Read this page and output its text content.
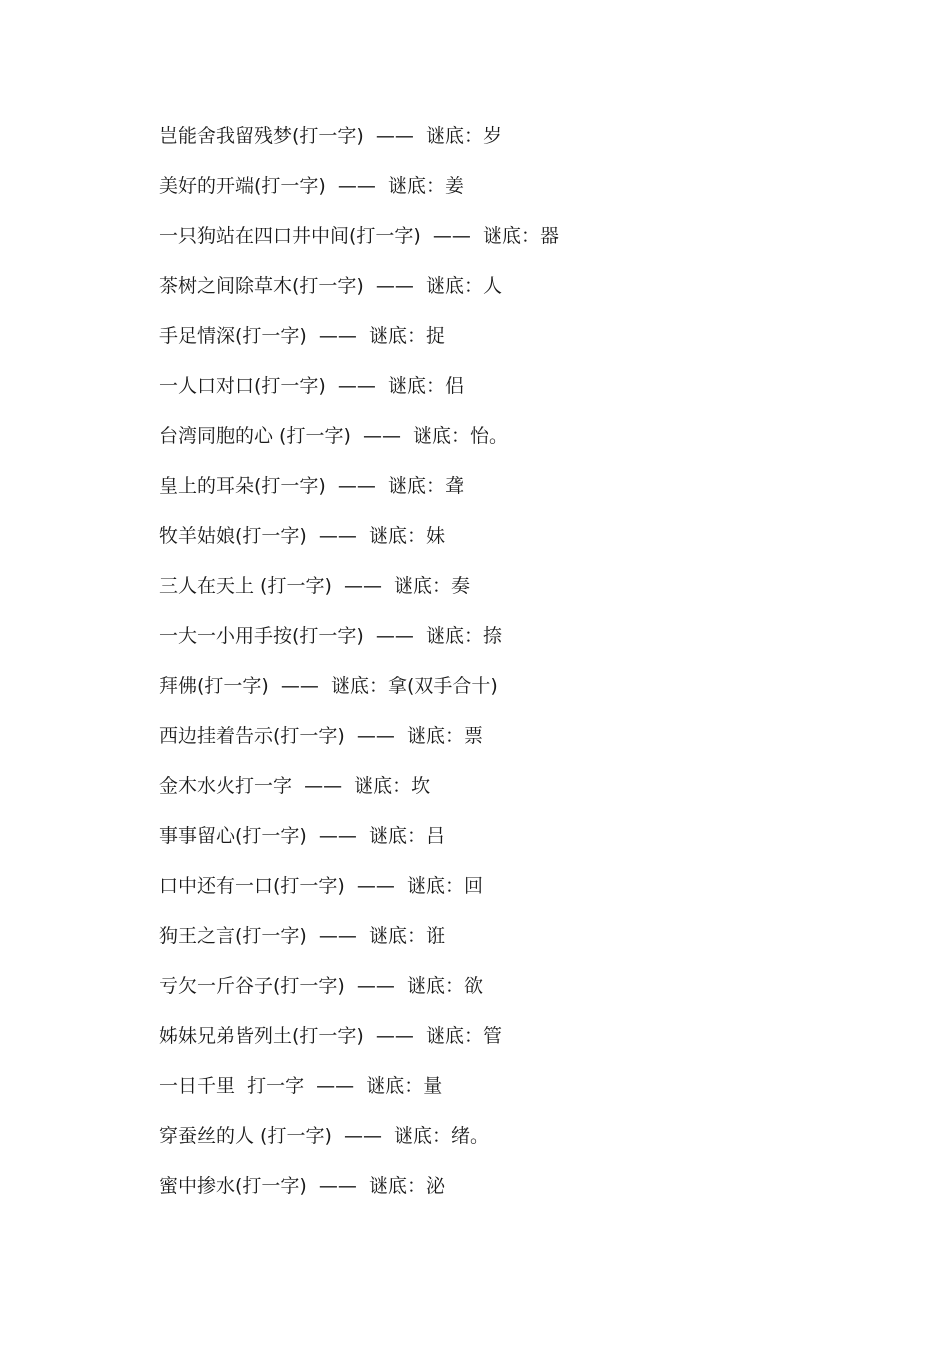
岂能舍我留残梦(打一字)  ——  谜底：岁
美好的开端(打一字)  ——  谜底：姜
一只狗站在四口井中间(打一字)  ——  谜底：器
茶树之间除草木(打一字)  ——  谜底：人
手足情深(打一字)  ——  谜底：捉
一人口对口(打一字)  ——  谜底：侣
台湾同胞的心 (打一字)  ——  谜底：怡。
皇上的耳朵(打一字)  ——  谜底：聋
牧羊姑娘(打一字)  ——  谜底：妹
三人在天上 (打一字)  ——  谜底：奏
一大一小用手按(打一字)  ——  谜底：捺
拜佛(打一字)  ——  谜底：拿(双手合十)
西边挂着告示(打一字)  ——  谜底：票
金木水火打一字  ——  谜底：坎
事事留心(打一字)  ——  谜底：吕
口中还有一口(打一字)  ——  谜底：回
狗王之言(打一字)  ——  谜底：诳
亏欠一斤谷子(打一字)  ——  谜底：欲
姊妹兄弟皆列土(打一字)  ——  谜底：管
一日千里  打一字  ——  谜底：量
穿蚕丝的人 (打一字)  ——  谜底：绪。
蜜中掺水(打一字)  ——  谜底：泌
